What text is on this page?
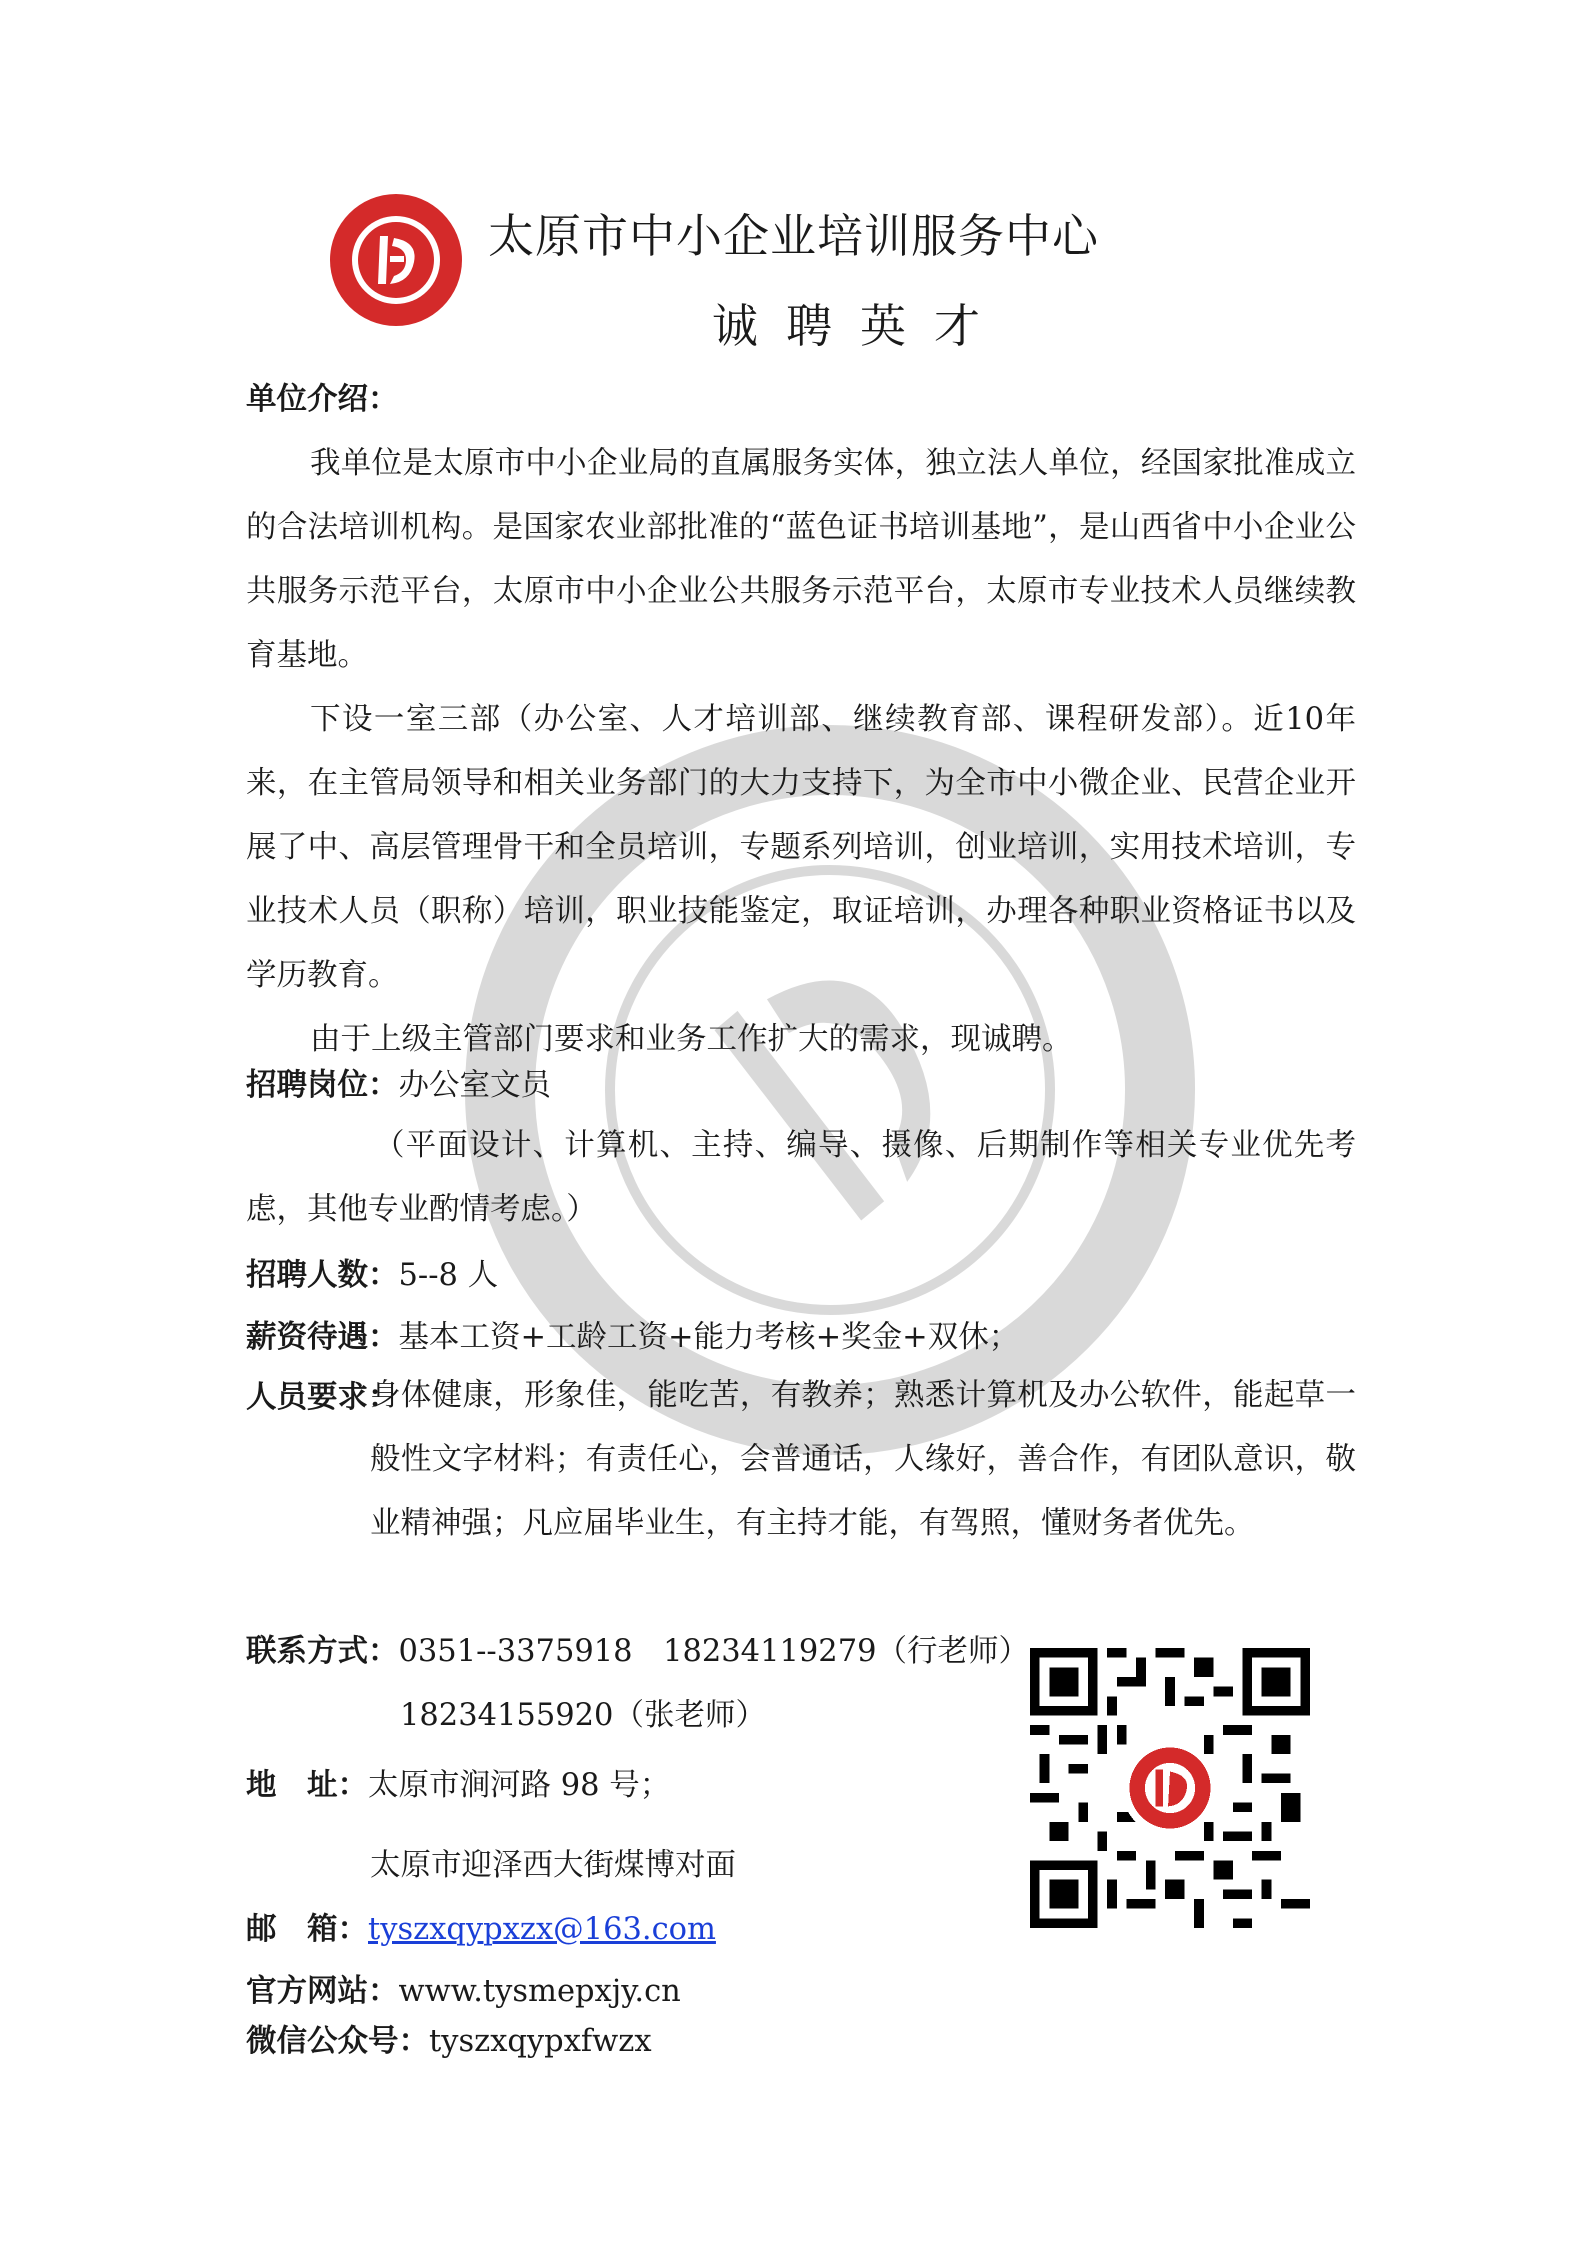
太原市中小企业培训服务中心
诚聘英才

单位介绍：

我单位是太原市中小企业局的直属服务实体，独立法人单位，经国家批准成立的合法培训机构。是国家农业部批准的“蓝色证书培训基地”，是山西省中小企业公共服务示范平台，太原市中小企业公共服务示范平台，太原市专业技术人员继续教育基地。

下设一室三部（办公室、人才培训部、继续教育部、课程研发部）。近10年来，在主管局领导和相关业务部门的大力支持下，为全市中小微企业、民营企业开展了中、高层管理骨干和全员培训，专题系列培训，创业培训，实用技术培训，专业技术人员（职称）培训，职业技能鉴定，取证培训，办理各种职业资格证书以及学历教育。

由于上级主管部门要求和业务工作扩大的需求，现诚聘。

招聘岗位：办公室文员

（平面设计、计算机、主持、编导、摄像、后期制作等相关专业优先考虑，其他专业酌情考虑。）

招聘人数：5--8 人
薪资待遇：基本工资+工龄工资+能力考核+奖金+双休；
人员要求：

身体健康，形象佳，能吃苦，有教养；熟悉计算机及办公软件，能起草一般性文字材料；有责任心，会普通话，人缘好，善合作，有团队意识，敬业精神强；凡应届毕业生，有主持才能，有驾照，懂财务者优先。

联系方式：0351--3375918　18234119279（行老师）
18234155920（张老师）
地　址：太原市涧河路 98 号；
太原市迎泽西大街煤博对面
邮　箱：tyszxqypxzx@163.com
官方网站：www.tysmepxjy.cn
微信公众号：tyszxqypxfwzx
